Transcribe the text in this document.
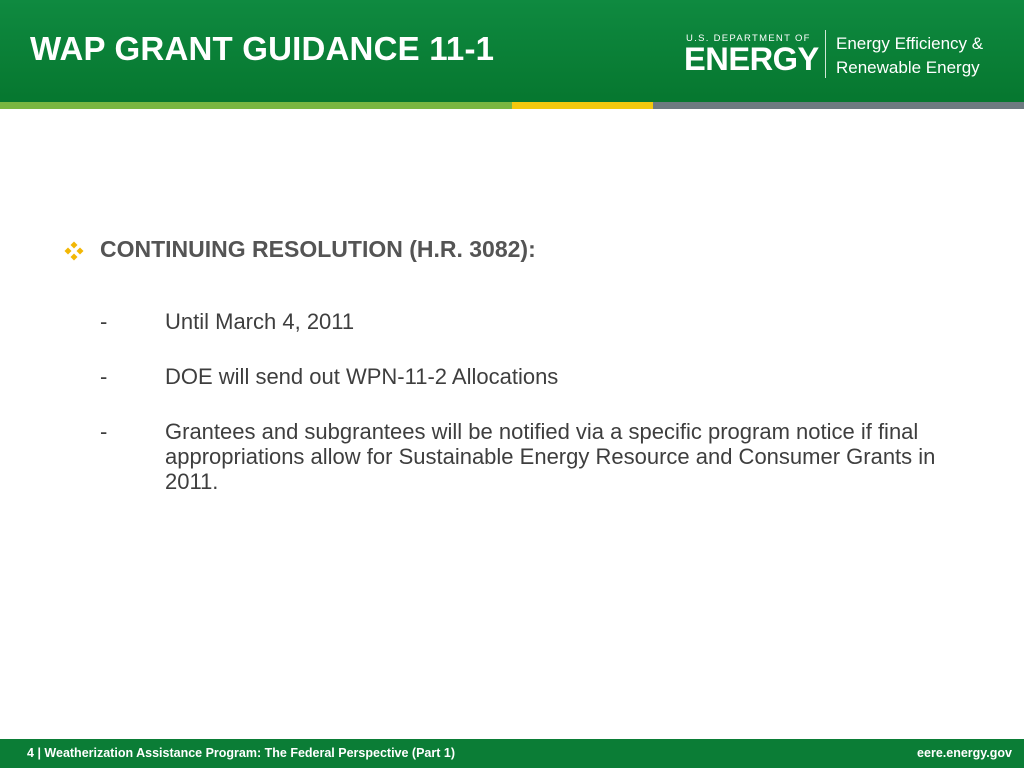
WAP GRANT GUIDANCE 11-1	U.S. DEPARTMENT OF
ENERGY Energy Efficiency &
Renewable Energy
CONTINUING RESOLUTION (H.R. 3082):
-	Until March 4, 2011
-	DOE will send out WPN-11-2 Allocations
-	Grantees and subgrantees will be notified via a specific program notice if final appropriations allow for Sustainable Energy Resource and Consumer Grants in 2011.
4 | Weatherization Assistance Program: The Federal Perspective (Part 1)	eere.energy.gov
